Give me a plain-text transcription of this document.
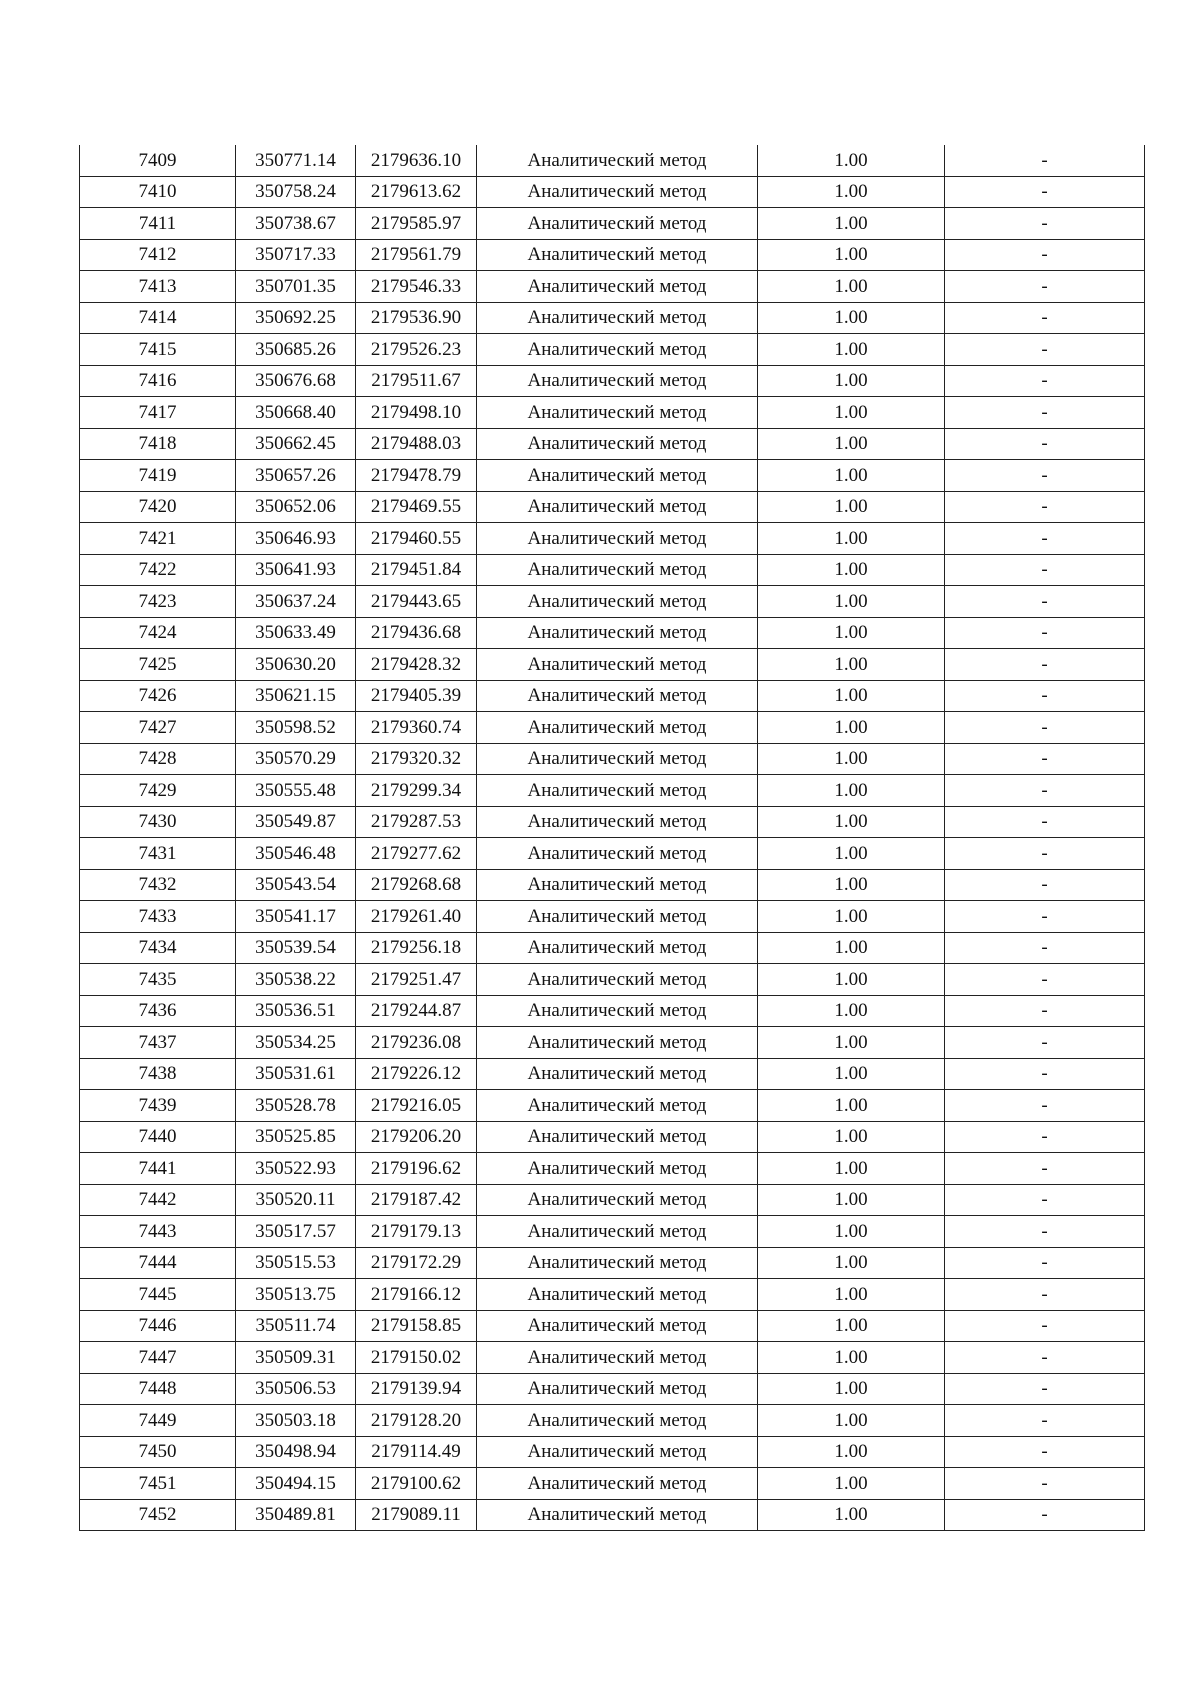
7409	350771.14	2179636.10	Аналитический метод	1.00	-
7410	350758.24	2179613.62	Аналитический метод	1.00	-
7411	350738.67	2179585.97	Аналитический метод	1.00	-
7412	350717.33	2179561.79	Аналитический метод	1.00	-
7413	350701.35	2179546.33	Аналитический метод	1.00	-
7414	350692.25	2179536.90	Аналитический метод	1.00	-
7415	350685.26	2179526.23	Аналитический метод	1.00	-
7416	350676.68	2179511.67	Аналитический метод	1.00	-
7417	350668.40	2179498.10	Аналитический метод	1.00	-
7418	350662.45	2179488.03	Аналитический метод	1.00	-
7419	350657.26	2179478.79	Аналитический метод	1.00	-
7420	350652.06	2179469.55	Аналитический метод	1.00	-
7421	350646.93	2179460.55	Аналитический метод	1.00	-
7422	350641.93	2179451.84	Аналитический метод	1.00	-
7423	350637.24	2179443.65	Аналитический метод	1.00	-
7424	350633.49	2179436.68	Аналитический метод	1.00	-
7425	350630.20	2179428.32	Аналитический метод	1.00	-
7426	350621.15	2179405.39	Аналитический метод	1.00	-
7427	350598.52	2179360.74	Аналитический метод	1.00	-
7428	350570.29	2179320.32	Аналитический метод	1.00	-
7429	350555.48	2179299.34	Аналитический метод	1.00	-
7430	350549.87	2179287.53	Аналитический метод	1.00	-
7431	350546.48	2179277.62	Аналитический метод	1.00	-
7432	350543.54	2179268.68	Аналитический метод	1.00	-
7433	350541.17	2179261.40	Аналитический метод	1.00	-
7434	350539.54	2179256.18	Аналитический метод	1.00	-
7435	350538.22	2179251.47	Аналитический метод	1.00	-
7436	350536.51	2179244.87	Аналитический метод	1.00	-
7437	350534.25	2179236.08	Аналитический метод	1.00	-
7438	350531.61	2179226.12	Аналитический метод	1.00	-
7439	350528.78	2179216.05	Аналитический метод	1.00	-
7440	350525.85	2179206.20	Аналитический метод	1.00	-
7441	350522.93	2179196.62	Аналитический метод	1.00	-
7442	350520.11	2179187.42	Аналитический метод	1.00	-
7443	350517.57	2179179.13	Аналитический метод	1.00	-
7444	350515.53	2179172.29	Аналитический метод	1.00	-
7445	350513.75	2179166.12	Аналитический метод	1.00	-
7446	350511.74	2179158.85	Аналитический метод	1.00	-
7447	350509.31	2179150.02	Аналитический метод	1.00	-
7448	350506.53	2179139.94	Аналитический метод	1.00	-
7449	350503.18	2179128.20	Аналитический метод	1.00	-
7450	350498.94	2179114.49	Аналитический метод	1.00	-
7451	350494.15	2179100.62	Аналитический метод	1.00	-
7452	350489.81	2179089.11	Аналитический метод	1.00	-
